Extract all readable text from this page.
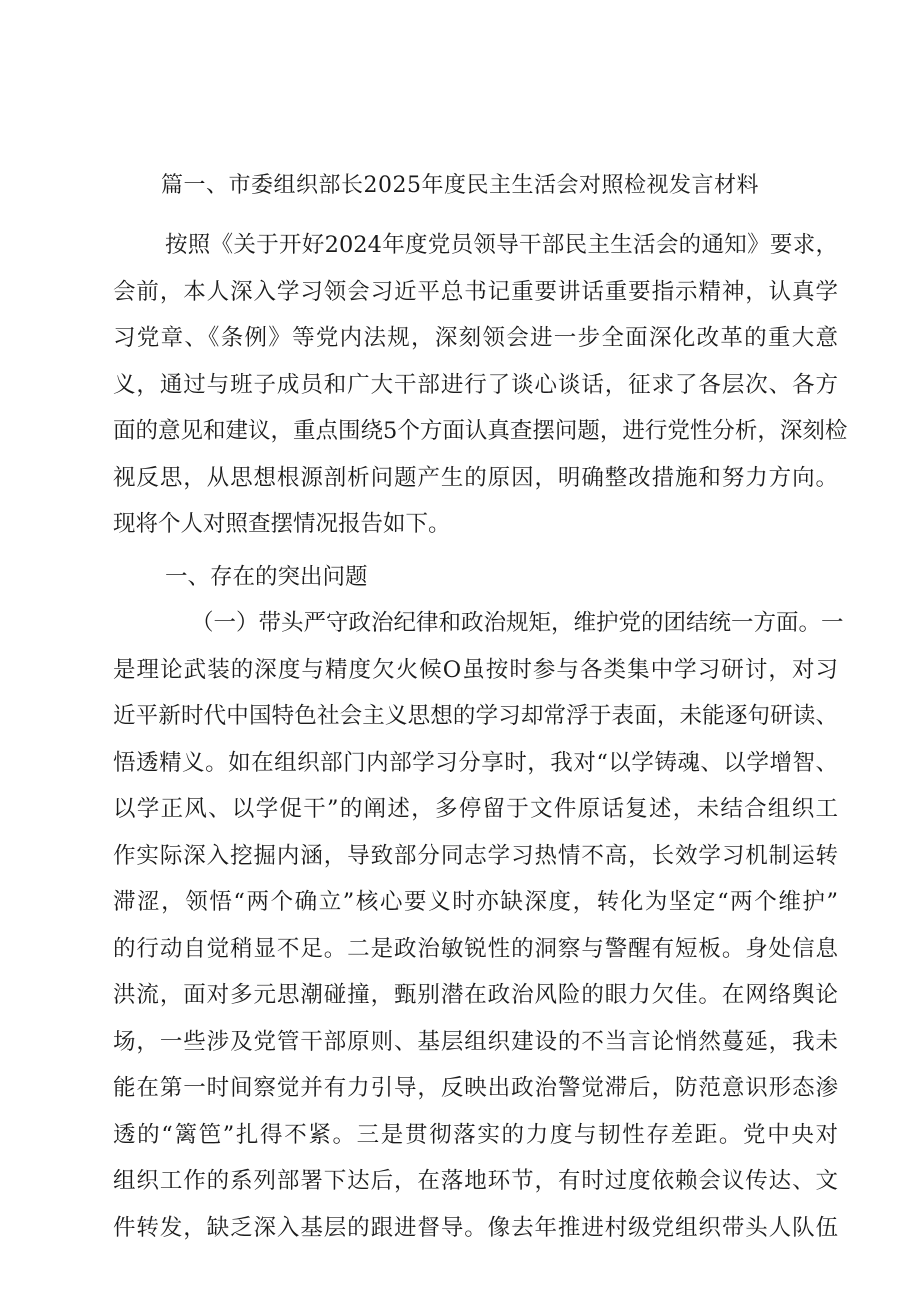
篇一、市委组织部长2025年度民主生活会对照检视发言材料
按照《关于开好2024年度党员领导干部民主生活会的通知》要求，
会前，本人深入学习领会习近平总书记重要讲话重要指示精神，认真学
习党章、《条例》等党内法规，深刻领会进一步全面深化改革的重大意
义，通过与班子成员和广大干部进行了谈心谈话，征求了各层次、各方
面的意见和建议，重点围绕5个方面认真查摆问题，进行党性分析，深刻检
视反思，从思想根源剖析问题产生的原因，明确整改措施和努力方向。
现将个人对照查摆情况报告如下。
一、存在的突出问题
（一）带头严守政治纪律和政治规矩，维护党的团结统一方面。一
是理论武装的深度与精度欠火候O虽按时参与各类集中学习研讨，对习
近平新时代中国特色社会主义思想的学习却常浮于表面，未能逐句研读、
悟透精义。如在组织部门内部学习分享时，我对“以学铸魂、以学增智、
以学正风、以学促干”的阐述，多停留于文件原话复述，未结合组织工
作实际深入挖掘内涵，导致部分同志学习热情不高，长效学习机制运转
滞涩，领悟“两个确立”核心要义时亦缺深度，转化为坚定“两个维护”
的行动自觉稍显不足。二是政治敏锐性的洞察与警醒有短板。身处信息
洪流，面对多元思潮碰撞，甄别潜在政治风险的眼力欠佳。在网络舆论
场，一些涉及党管干部原则、基层组织建设的不当言论悄然蔓延，我未
能在第一时间察觉并有力引导，反映出政治警觉滞后，防范意识形态渗
透的“篱笆”扎得不紧。三是贯彻落实的力度与韧性存差距。党中央对
组织工作的系列部署下达后，在落地环节，有时过度依赖会议传达、文
件转发，缺乏深入基层的跟进督导。像去年推进村级党组织带头人队伍
